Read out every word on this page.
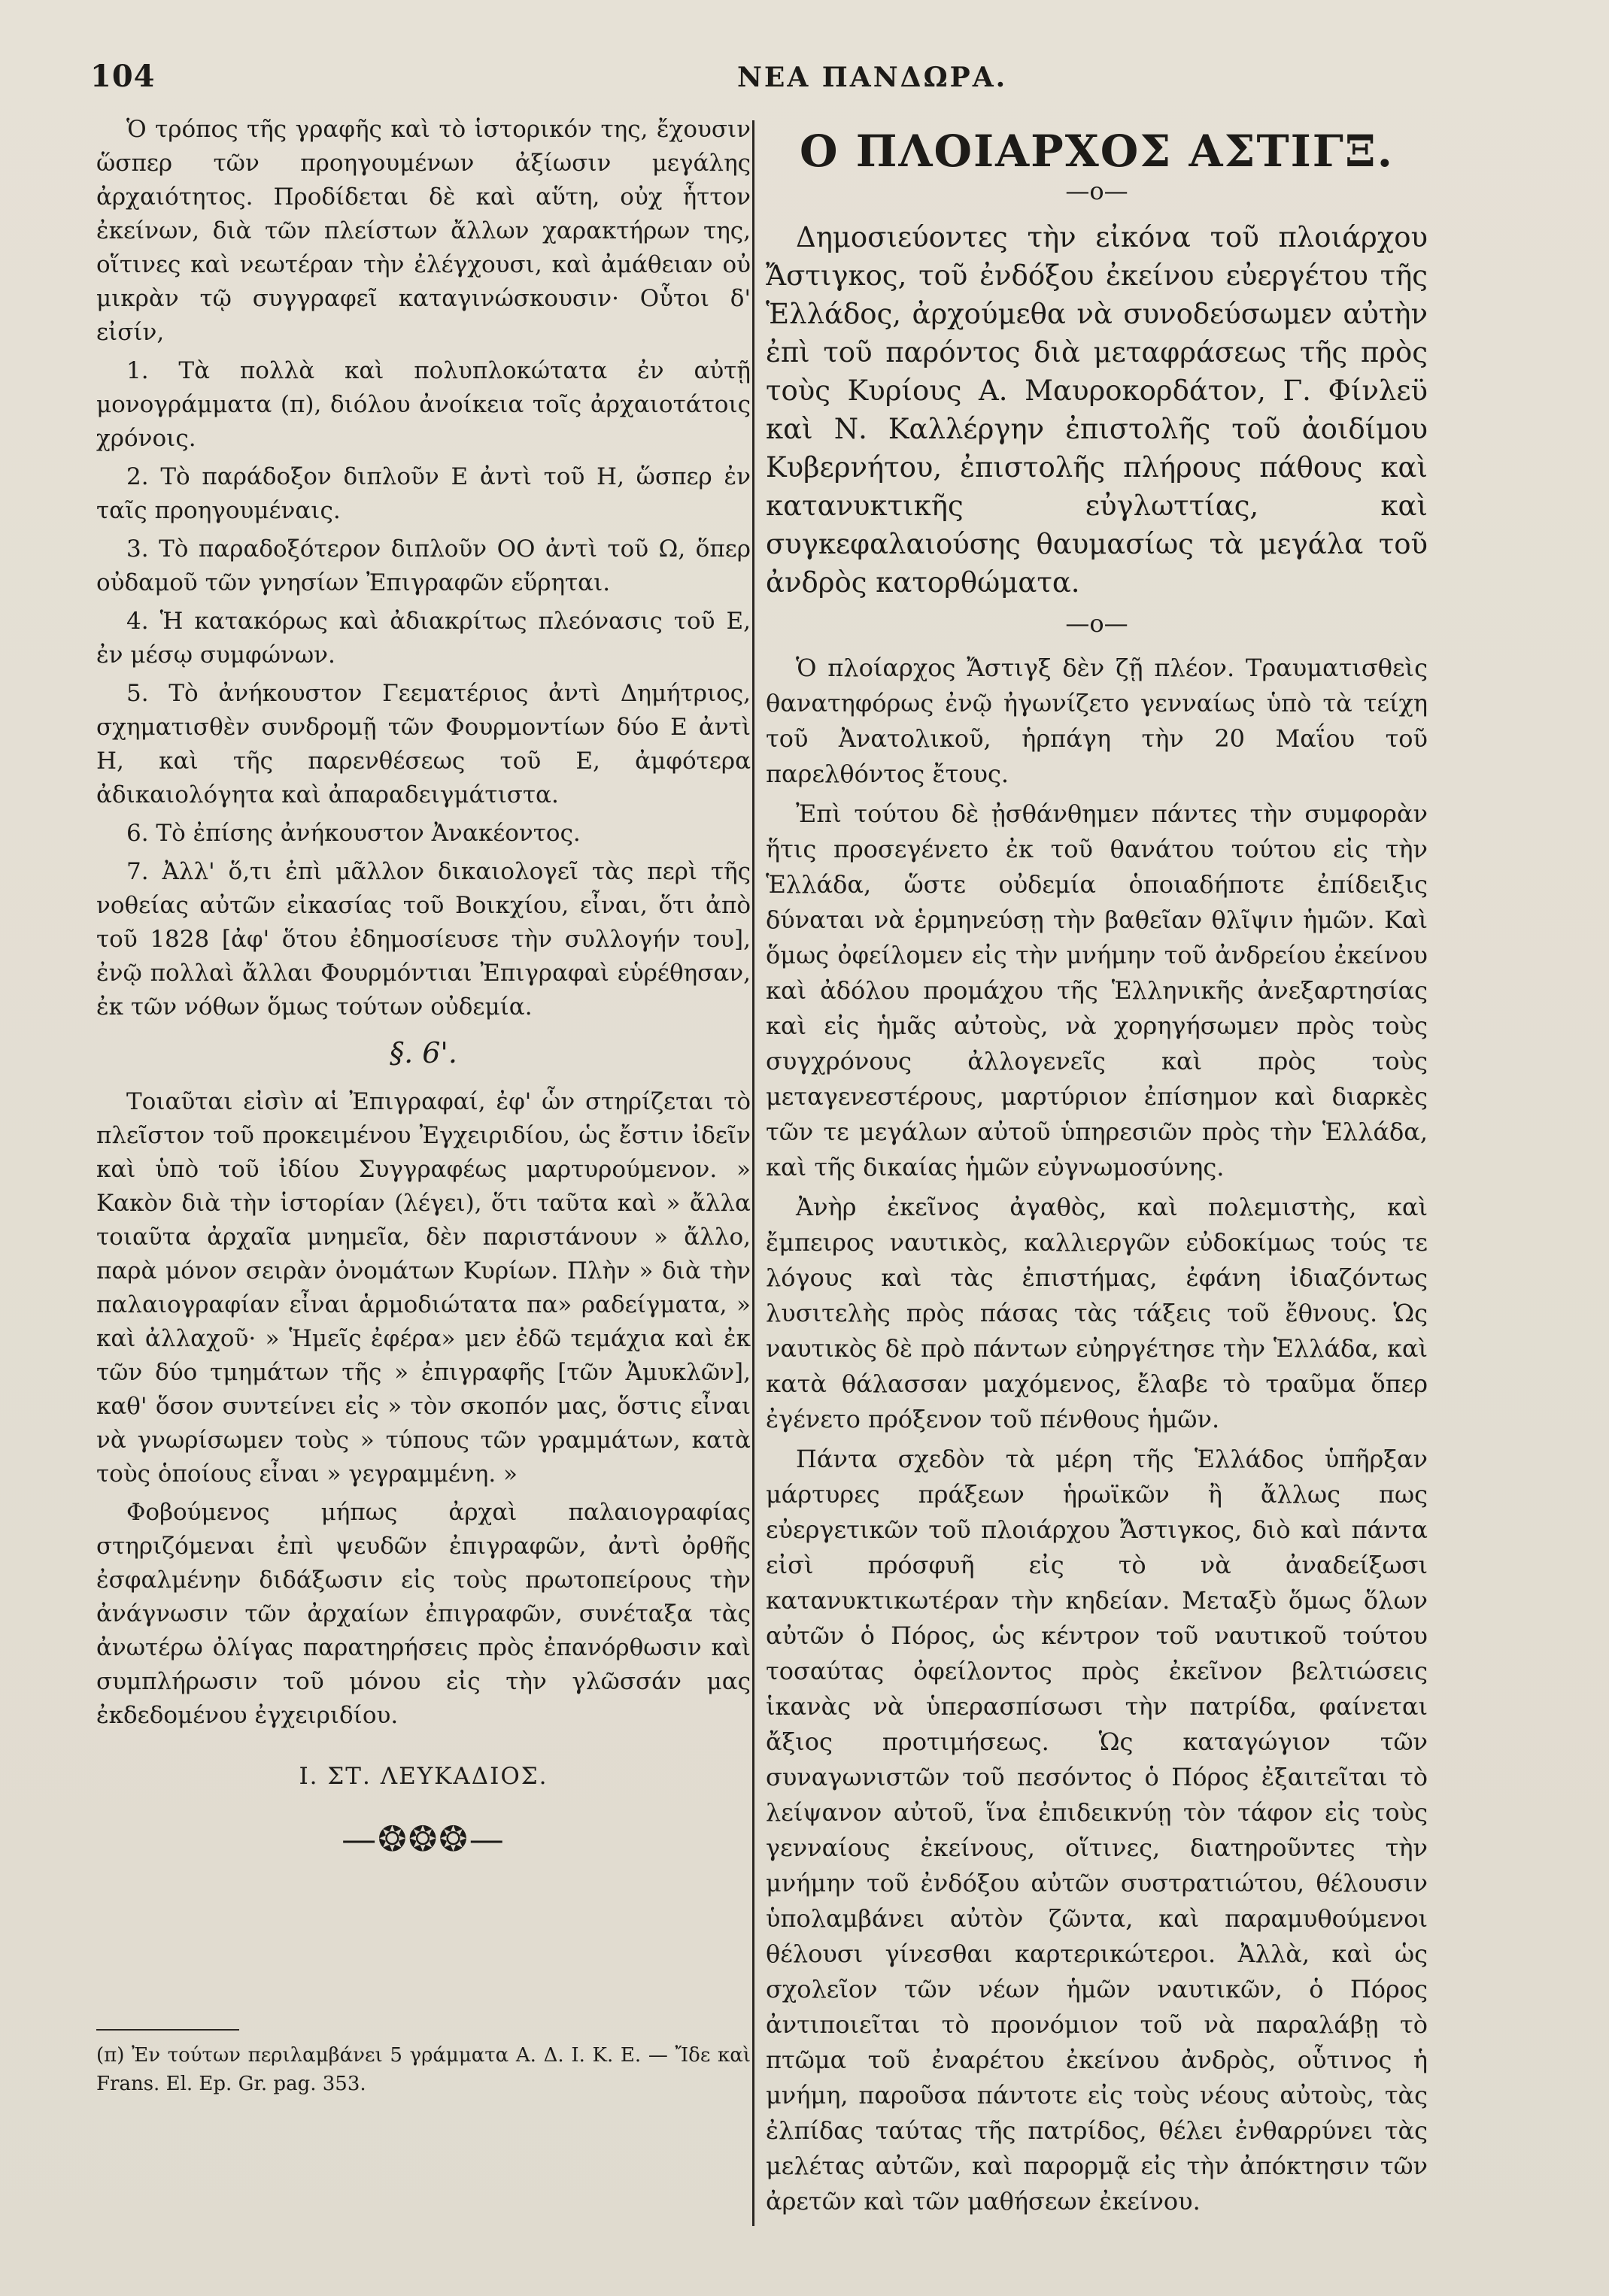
104	ΝΕΑ ΠΑΝΔΩΡΑ.

Ὁ τρόπος τῆς γραφῆς καὶ τὸ ἱστορικόν της, ἔχουσιν ὥσπερ τῶν προηγουμένων ἀξίωσιν μεγάλης ἀρχαιότητος. Προδίδεται δὲ καὶ αὕτη, οὐχ ἧττον ἐκείνων, διὰ τῶν πλείστων ἄλλων χαρακτήρων της, οἵτινες καὶ νεωτέραν τὴν ἐλέγχουσι, καὶ ἀμάθειαν οὐ μικρὰν τῷ συγγραφεῖ καταγινώσκουσιν· Οὗτοι δ' εἰσίν,

1. Τὰ πολλὰ καὶ πολυπλοκώτατα ἐν αὐτῇ μονογράμματα (π), διόλου ἀνοίκεια τοῖς ἀρχαιοτάτοις χρόνοις.

2. Τὸ παράδοξον διπλοῦν Ε ἀντὶ τοῦ Η, ὥσπερ ἐν ταῖς προηγουμέναις.

3. Τὸ παραδοξότερον διπλοῦν ΟΟ ἀντὶ τοῦ Ω, ὅπερ οὐδαμοῦ τῶν γνησίων Ἐπιγραφῶν εὕρηται.

4. Ἡ κατακόρως καὶ ἀδιακρίτως πλεόνασις τοῦ Ε, ἐν μέσῳ συμφώνων.

5. Τὸ ἀνήκουστον Γεεματέριος ἀντὶ Δημήτριος, σχηματισθὲν συνδρομῇ τῶν Φουρμοντίων δύο Ε ἀντὶ Η, καὶ τῆς παρενθέσεως τοῦ Ε, ἀμφότερα ἀδικαιολόγητα καὶ ἀπαραδειγμάτιστα.

6. Τὸ ἐπίσης ἀνήκουστον Ἀνακέοντος.

7. Ἀλλ' ὅ,τι ἐπὶ μᾶλλον δικαιολογεῖ τὰς περὶ τῆς νοθείας αὐτῶν εἰκασίας τοῦ Βοικχίου, εἶναι, ὅτι ἀπὸ τοῦ 1828 [ἀφ' ὅτου ἐδημοσίευσε τὴν συλλογήν του], ἐνῷ πολλαὶ ἄλλαι Φουρμόντιαι Ἐπιγραφαὶ εὑρέθησαν, ἐκ τῶν νόθων ὅμως τούτων οὐδεμία.

§. 6'.

Τοιαῦται εἰσὶν αἱ Ἐπιγραφαί, ἐφ' ὧν στηρίζεται τὸ πλεῖστον τοῦ προκειμένου Ἐγχειριδίου, ὡς ἔστιν ἰδεῖν καὶ ὑπὸ τοῦ ἰδίου Συγγραφέως μαρτυρούμενον. » Κακὸν διὰ τὴν ἱστορίαν (λέγει), ὅτι ταῦτα καὶ » ἄλλα τοιαῦτα ἀρχαῖα μνημεῖα, δὲν παριστάνουν » ἄλλο, παρὰ μόνον σειρὰν ὀνομάτων Κυρίων. Πλὴν » διὰ τὴν παλαιογραφίαν εἶναι ἁρμοδιώτατα πα» ραδείγματα, » καὶ ἀλλαχοῦ· » Ἡμεῖς ἐφέρα» μεν ἐδῶ τεμάχια καὶ ἐκ τῶν δύο τμημάτων τῆς » ἐπιγραφῆς [τῶν Ἀμυκλῶν], καθ' ὅσον συντείνει εἰς » τὸν σκοπόν μας, ὅστις εἶναι νὰ γνωρίσωμεν τοὺς » τύπους τῶν γραμμάτων, κατὰ τοὺς ὁποίους εἶναι » γεγραμμένη. »

Φοβούμενος μήπως ἀρχαὶ παλαιογραφίας στηριζόμεναι ἐπὶ ψευδῶν ἐπιγραφῶν, ἀντὶ ὀρθῆς ἐσφαλμένην διδάξωσιν εἰς τοὺς πρωτοπείρους τὴν ἀνάγνωσιν τῶν ἀρχαίων ἐπιγραφῶν, συνέταξα τὰς ἀνωτέρω ὀλίγας παρατηρήσεις πρὸς ἐπανόρθωσιν καὶ συμπλήρωσιν τοῦ μόνου εἰς τὴν γλῶσσάν μας ἐκδεδομένου ἐγχειριδίου.

Ι. ΣΤ. ΛΕΥΚΑΔΙΟΣ.
—❂❂❂—
(π) Ἐν τούτων περιλαμβάνει 5 γράμματα Α. Δ. Ι. Κ. Ε. — Ἴδε καὶ Frans. El. Ep. Gr. pag. 353.
Ο ΠΛΟΙΑΡΧΟΣ ΑΣΤΙΓΞ.
—ο—

Δημοσιεύοντες τὴν εἰκόνα τοῦ πλοιάρχου Ἄστιγκος, τοῦ ἐνδόξου ἐκείνου εὐεργέτου τῆς Ἑλλάδος, ἀρχούμεθα νὰ συνοδεύσωμεν αὐτὴν ἐπὶ τοῦ παρόντος διὰ μεταφράσεως τῆς πρὸς τοὺς Κυρίους Α. Μαυροκορδάτον, Γ. Φίνλεϋ καὶ Ν. Καλλέργην ἐπιστολῆς τοῦ ἀοιδίμου Κυβερνήτου, ἐπιστολῆς πλήρους πάθους καὶ κατανυκτικῆς εὐγλωττίας, καὶ συγκεφαλαιούσης θαυμασίως τὰ μεγάλα τοῦ ἀνδρὸς κατορθώματα.

—ο—

Ὁ πλοίαρχος Ἄστιγξ δὲν ζῇ πλέον. Τραυματισθεὶς θανατηφόρως ἐνῷ ἠγωνίζετο γενναίως ὑπὸ τὰ τείχη τοῦ Ἀνατολικοῦ, ἡρπάγη τὴν 20 Μαΐου τοῦ παρελθόντος ἔτους.

Ἐπὶ τούτου δὲ ᾐσθάνθημεν πάντες τὴν συμφορὰν ἥτις προσεγένετο ἐκ τοῦ θανάτου τούτου εἰς τὴν Ἑλλάδα, ὥστε οὐδεμία ὁποιαδήποτε ἐπίδειξις δύναται νὰ ἑρμηνεύσῃ τὴν βαθεῖαν θλῖψιν ἡμῶν. Καὶ ὅμως ὀφείλομεν εἰς τὴν μνήμην τοῦ ἀνδρείου ἐκείνου καὶ ἀδόλου προμάχου τῆς Ἑλληνικῆς ἀνεξαρτησίας καὶ εἰς ἡμᾶς αὐτοὺς, νὰ χορηγήσωμεν πρὸς τοὺς συγχρόνους ἀλλογενεῖς καὶ πρὸς τοὺς μεταγενεστέρους, μαρτύριον ἐπίσημον καὶ διαρκὲς τῶν τε μεγάλων αὐτοῦ ὑπηρεσιῶν πρὸς τὴν Ἑλλάδα, καὶ τῆς δικαίας ἡμῶν εὐγνωμοσύνης.

Ἀνὴρ ἐκεῖνος ἀγαθὸς, καὶ πολεμιστὴς, καὶ ἔμπειρος ναυτικὸς, καλλιεργῶν εὐδοκίμως τούς τε λόγους καὶ τὰς ἐπιστήμας, ἐφάνη ἰδιαζόντως λυσιτελὴς πρὸς πάσας τὰς τάξεις τοῦ ἔθνους. Ὡς ναυτικὸς δὲ πρὸ πάντων εὐηργέτησε τὴν Ἑλλάδα, καὶ κατὰ θάλασσαν μαχόμενος, ἔλαβε τὸ τραῦμα ὅπερ ἐγένετο πρόξενον τοῦ πένθους ἡμῶν.

Πάντα σχεδὸν τὰ μέρη τῆς Ἑλλάδος ὑπῆρξαν μάρτυρες πράξεων ἡρωϊκῶν ἢ ἄλλως πως εὐεργετικῶν τοῦ πλοιάρχου Ἄστιγκος, διὸ καὶ πάντα εἰσὶ πρόσφυῆ εἰς τὸ νὰ ἀναδείξωσι κατανυκτικωτέραν τὴν κηδείαν. Μεταξὺ ὅμως ὅλων αὐτῶν ὁ Πόρος, ὡς κέντρον τοῦ ναυτικοῦ τούτου τοσαύτας ὀφείλοντος πρὸς ἐκεῖνον βελτιώσεις ἱκανὰς νὰ ὑπερασπίσωσι τὴν πατρίδα, φαίνεται ἄξιος προτιμήσεως. Ὡς καταγώγιον τῶν συναγωνιστῶν τοῦ πεσόντος ὁ Πόρος ἐξαιτεῖται τὸ λείψανον αὐτοῦ, ἵνα ἐπιδεικνύῃ τὸν τάφον εἰς τοὺς γενναίους ἐκείνους, οἵτινες, διατηροῦντες τὴν μνήμην τοῦ ἐνδόξου αὐτῶν συστρατιώτου, θέλουσιν ὑπολαμβάνει αὐτὸν ζῶντα, καὶ παραμυθούμενοι θέλουσι γίνεσθαι καρτερικώτεροι. Ἀλλὰ, καὶ ὡς σχολεῖον τῶν νέων ἡμῶν ναυτικῶν, ὁ Πόρος ἀντιποιεῖται τὸ προνόμιον τοῦ νὰ παραλάβῃ τὸ πτῶμα τοῦ ἐναρέτου ἐκείνου ἀνδρὸς, οὗτινος ἡ μνήμη, παροῦσα πάντοτε εἰς τοὺς νέους αὐτοὺς, τὰς ἐλπίδας ταύτας τῆς πατρίδος, θέλει ἐνθαρρύνει τὰς μελέτας αὐτῶν, καὶ παρορμᾷ εἰς τὴν ἀπόκτησιν τῶν ἀρετῶν καὶ τῶν μαθήσεων ἐκείνου.
